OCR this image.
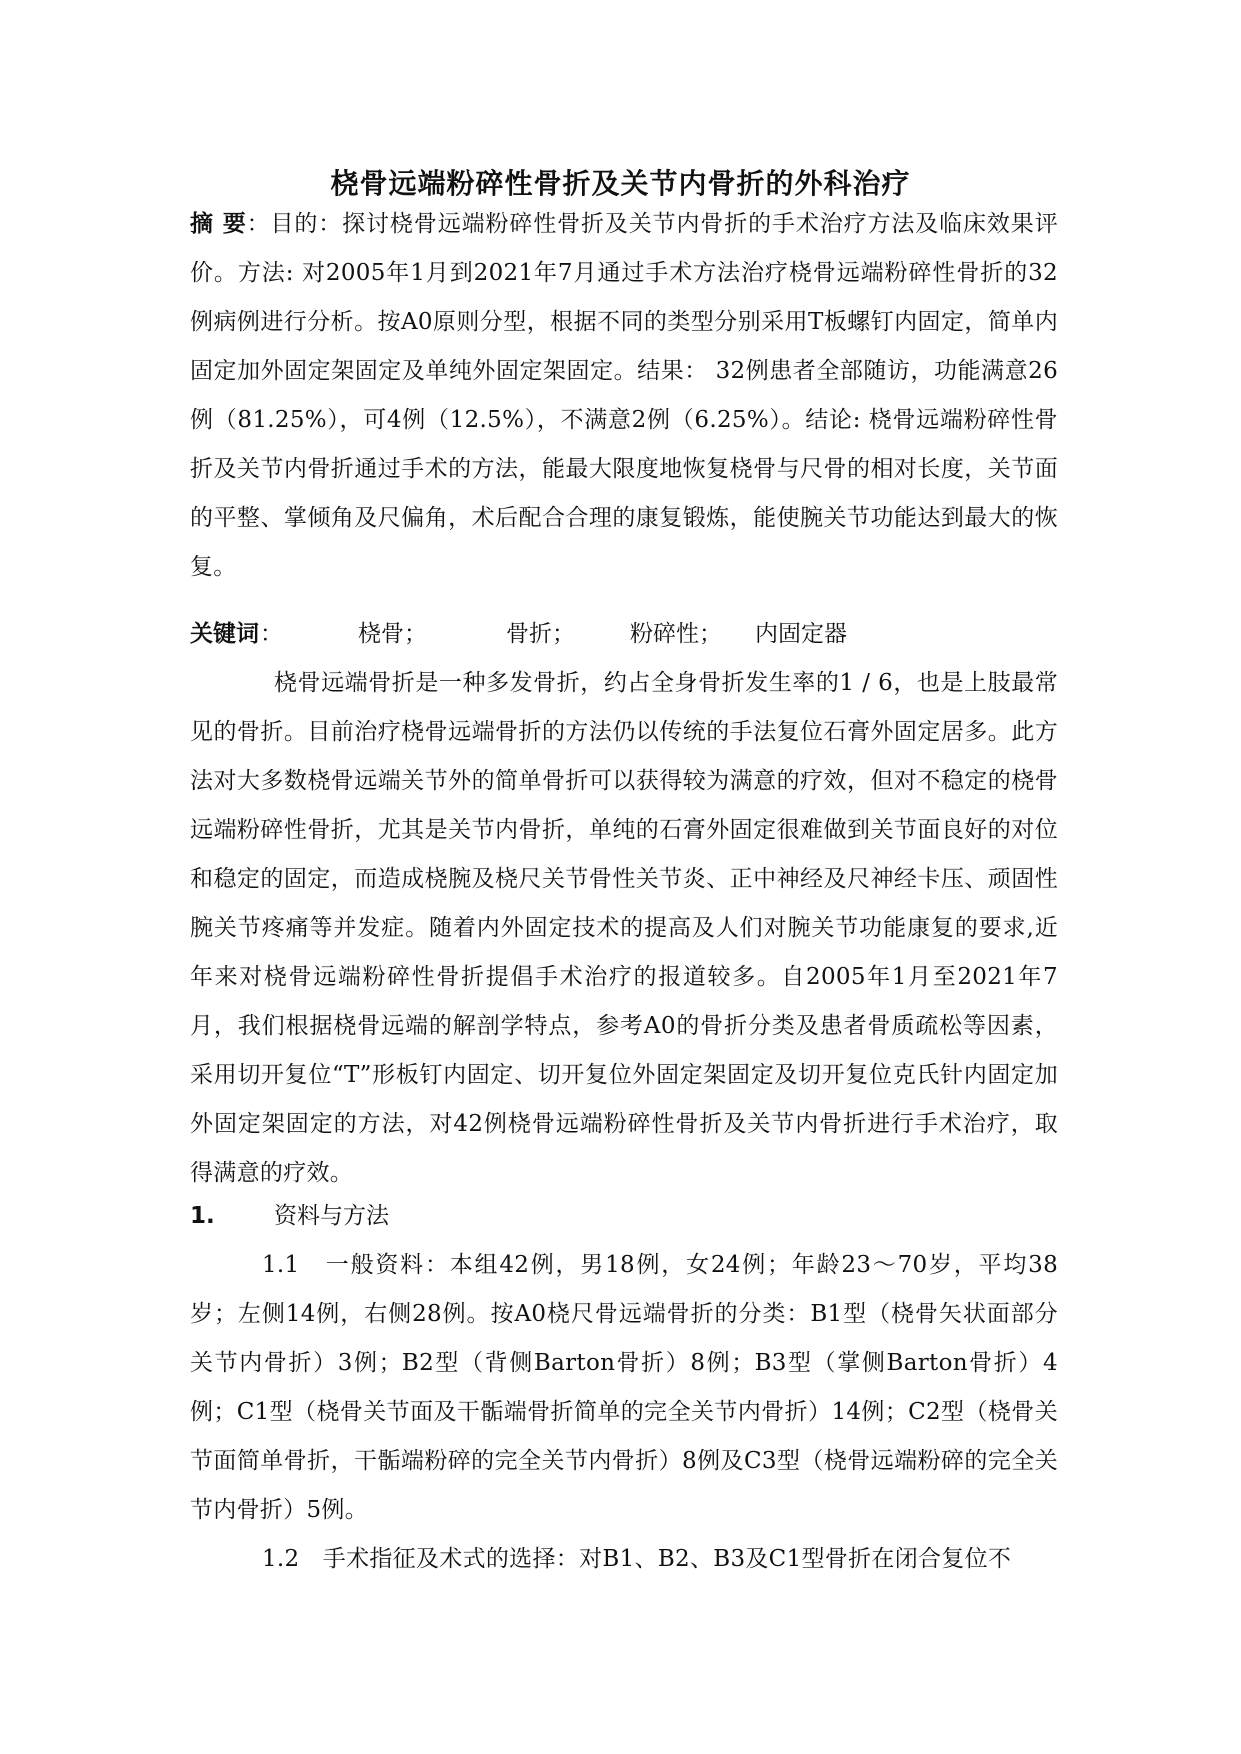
桡骨远端粉碎性骨折及关节内骨折的外科治疗
摘 要：目的：探讨桡骨远端粉碎性骨折及关节内骨折的手术治疗方法及临床效果评价。方法: 对2005年1月到2021年7月通过手术方法治疗桡骨远端粉碎性骨折的32例病例进行分析。按A0原则分型，根据不同的类型分别采用T板螺钉内固定，简单内固定加外固定架固定及单纯外固定架固定。结果： 32例患者全部随访，功能满意26例（81.25%），可4例（12.5%），不满意2例（6.25%）。结论: 桡骨远端粉碎性骨折及关节内骨折通过手术的方法，能最大限度地恢复桡骨与尺骨的相对长度，关节面的平整、掌倾角及尺偏角，术后配合合理的康复锻炼，能使腕关节功能达到最大的恢复。
关键词 ：	桡骨；	骨折； 粉碎性； 内固定器
桡骨远端骨折是一种多发骨折，约占全身骨折发生率的1 / 6，也是上肢最常见的骨折。目前治疗桡骨远端骨折的方法仍以传统的手法复位石膏外固定居多。此方法对大多数桡骨远端关节外的简单骨折可以获得较为满意的疗效，但对不稳定的桡骨远端粉碎性骨折，尤其是关节内骨折，单纯的石膏外固定很难做到关节面良好的对位和稳定的固定，而造成桡腕及桡尺关节骨性关节炎、正中神经及尺神经卡压、顽固性腕关节疼痛等并发症。随着内外固定技术的提高及人们对腕关节功能康复的要求,近年来对桡骨远端粉碎性骨折提倡手术治疗的报道较多。自2005年1月至2021年7月，我们根据桡骨远端的解剖学特点，参考A0的骨折分类及患者骨质疏松等因素，采用切开复位“T”形板钉内固定、切开复位外固定架固定及切开复位克氏针内固定加外固定架固定的方法，对42例桡骨远端粉碎性骨折及关节内骨折进行手术治疗，取得满意的疗效。
1.	资料与方法
1.1　一般资料：本组42例，男18例，女24例；年龄23～70岁，平均38岁；左侧14例，右侧28例。按A0桡尺骨远端骨折的分类：B1型（桡骨矢状面部分关节内骨折）3例；B2型（背侧Barton骨折）8例；B3型（掌侧Barton骨折）4例；C1型（桡骨关节面及干骺端骨折简单的完全关节内骨折）14例；C2型（桡骨关节面简单骨折，干骺端粉碎的完全关节内骨折）8例及C3型（桡骨远端粉碎的完全关节内骨折）5例。
1.2　手术指征及术式的选择：对B1、B2、B3及C1型骨折在闭合复位不
